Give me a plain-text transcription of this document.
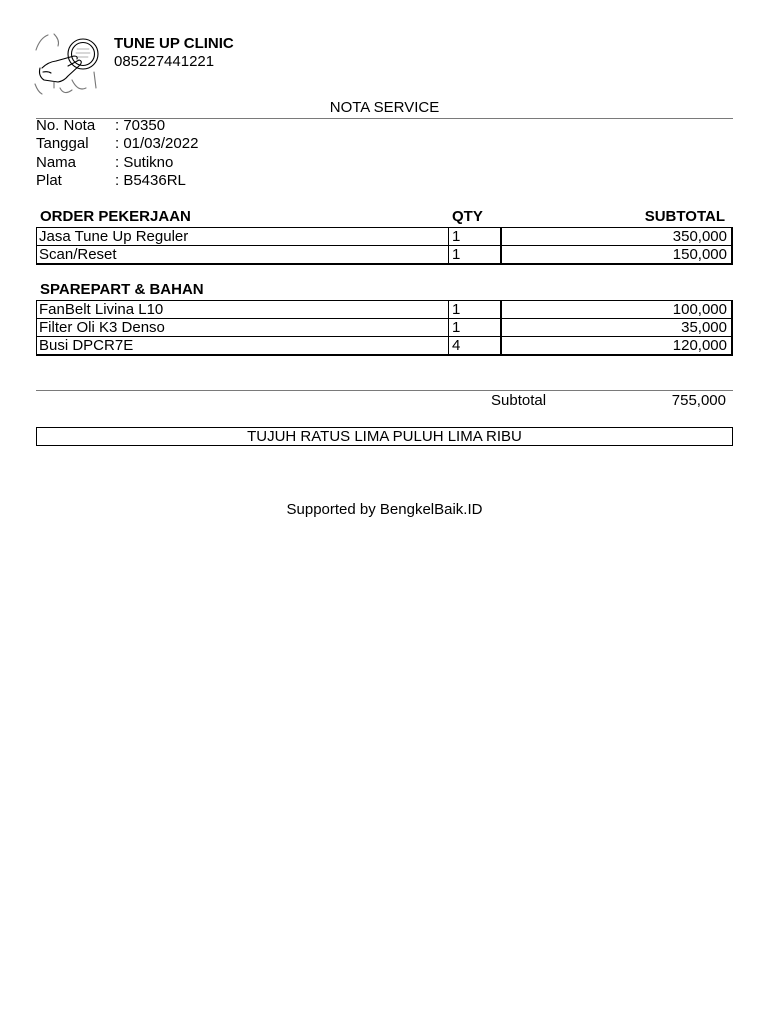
TUNE UP CLINIC
085227441221
NOTA SERVICE
No. Nota : 70350
Tanggal : 01/03/2022
Nama	: Sutikno
Plat	: B5436RL
ORDER PEKERJAAN	QTY	SUBTOTAL
Jasa Tune Up Reguler	1	350,000
Scan/Reset	1	150,000
SPAREPART & BAHAN
FanBelt Livina L10	1	100,000
Filter Oli K3 Denso	1	35,000
Busi DPCR7E	4	120,000
Subtotal	755,000
TUJUH RATUS LIMA PULUH LIMA RIBU
Supported by BengkelBaik.ID
